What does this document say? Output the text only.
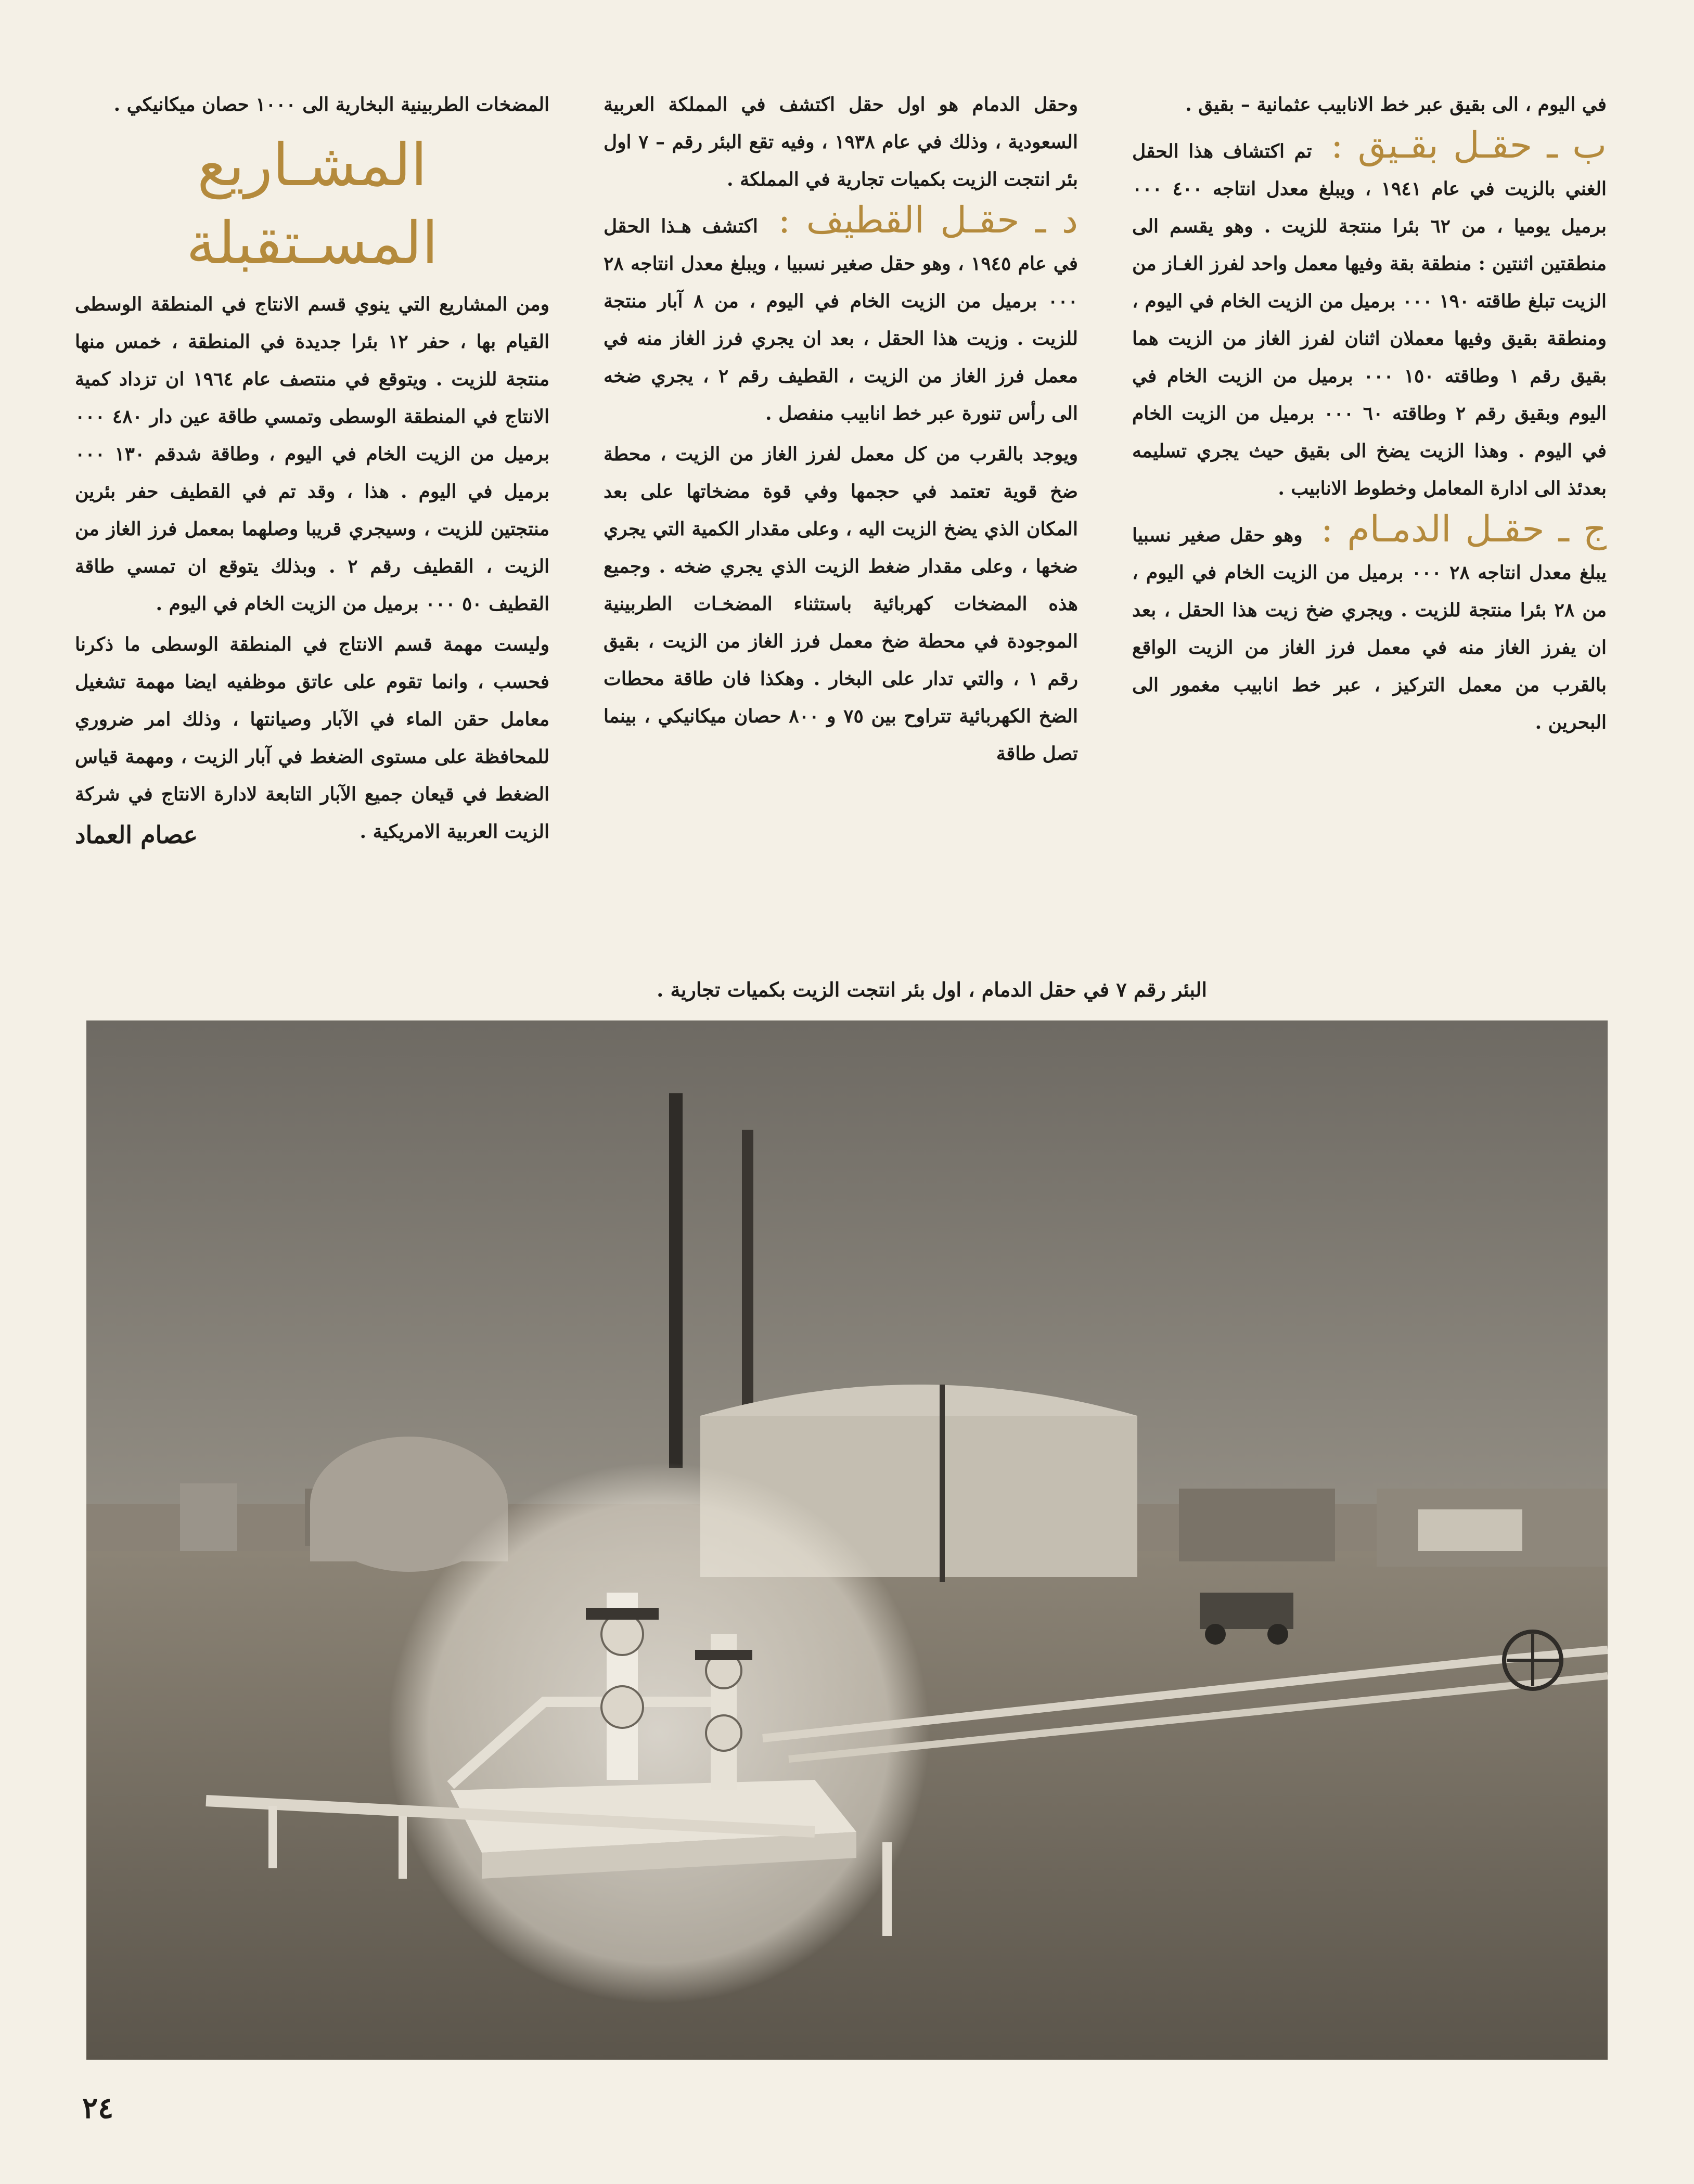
في اليوم ، الى بقيق عبر خط الانابيب عثمانية – بقيق .

ب ـ حقـل بقـيق : تم اكتشاف هذا الحقل الغني بالزيت في عام ١٩٤١ ، ويبلغ معدل انتاجه ٤٠٠ ٠٠٠ برميل يوميا ، من ٦٢ بئرا منتجة للزيت . وهو يقسم الى منطقتين اثنتين : منطقة بقة وفيها معمل واحد لفرز الغـاز من الزيت تبلغ طاقته ١٩٠ ٠٠٠ برميل من الزيت الخام في اليوم ، ومنطقة بقيق وفيها معملان اثنان لفرز الغاز من الزيت هما بقيق رقم ١ وطاقته ١٥٠ ٠٠٠ برميل من الزيت الخام في اليوم وبقيق رقم ٢ وطاقته ٦٠ ٠٠٠ برميل من الزيت الخام في اليوم . وهذا الزيت يضخ الى بقيق حيث يجري تسليمه بعدئذ الى ادارة المعامل وخطوط الانابيب .

ج ـ حقـل الدمـام : وهو حقل صغير نسبيا يبلغ معدل انتاجه ٢٨ ٠٠٠ برميل من الزيت الخام في اليوم ، من ٢٨ بئرا منتجة للزيت . ويجري ضخ زيت هذا الحقل ، بعد ان يفرز الغاز منه في معمل فرز الغاز من الزيت الواقع بالقرب من معمل التركيز ، عبر خط انابيب مغمور الى البحرين .

وحقل الدمام هو اول حقل اكتشف في المملكة العربية السعودية ، وذلك في عام ١٩٣٨ ، وفيه تقع البئر رقم – ٧ اول بئر انتجت الزيت بكميات تجارية في المملكة .

د ـ حقـل القطيف : اكتشف هـذا الحقل في عام ١٩٤٥ ، وهو حقل صغير نسبيا ، ويبلغ معدل انتاجه ٢٨ ٠٠٠ برميل من الزيت الخام في اليوم ، من ٨ آبار منتجة للزيت . وزيت هذا الحقل ، بعد ان يجري فرز الغاز منه في معمل فرز الغاز من الزيت ، القطيف رقم ٢ ، يجري ضخه الى رأس تنورة عبر خط انابيب منفصل .

ويوجد بالقرب من كل معمل لفرز الغاز من الزيت ، محطة ضخ قوية تعتمد في حجمها وفي قوة مضخاتها على بعد المكان الذي يضخ الزيت اليه ، وعلى مقدار الكمية التي يجري ضخها ، وعلى مقدار ضغط الزيت الذي يجري ضخه . وجميع هذه المضخات كهربائية باستثناء المضخـات الطربينية الموجودة في محطة ضخ معمل فرز الغاز من الزيت ، بقيق رقم ١ ، والتي تدار على البخار . وهكذا فان طاقة محطات الضخ الكهربائية تتراوح بين ٧٥ و ٨٠٠ حصان ميكانيكي ، بينما تصل طاقة

المضخات الطربينية البخارية الى ١٠٠٠ حصان ميكانيكي .

المشـاريع المسـتقبلة

ومن المشاريع التي ينوي قسم الانتاج في المنطقة الوسطى القيام بها ، حفر ١٢ بئرا جديدة في المنطقة ، خمس منها منتجة للزيت . ويتوقع في منتصف عام ١٩٦٤ ان تزداد كمية الانتاج في المنطقة الوسطى وتمسي طاقة عين دار ٤٨٠ ٠٠٠ برميل من الزيت الخام في اليوم ، وطاقة شدقم ١٣٠ ٠٠٠ برميل في اليوم . هذا ، وقد تم في القطيف حفر بئرين منتجتين للزيت ، وسيجري قريبا وصلهما بمعمل فرز الغاز من الزيت ، القطيف رقم ٢ . وبذلك يتوقع ان تمسي طاقة القطيف ٥٠ ٠٠٠ برميل من الزيت الخام في اليوم .

وليست مهمة قسم الانتاج في المنطقة الوسطى ما ذكرنا فحسب ، وانما تقوم على عاتق موظفيه ايضا مهمة تشغيل معامل حقن الماء في الآبار وصيانتها ، وذلك امر ضروري للمحافظة على مستوى الضغط في آبار الزيت ، ومهمة قياس الضغط في قيعان جميع الآبار التابعة لادارة الانتاج في شركة الزيت العربية الامريكية .

عصام العماد
البئر رقم ٧ في حقل الدمام ، اول بئر انتجت الزيت بكميات تجارية .
٢٤
